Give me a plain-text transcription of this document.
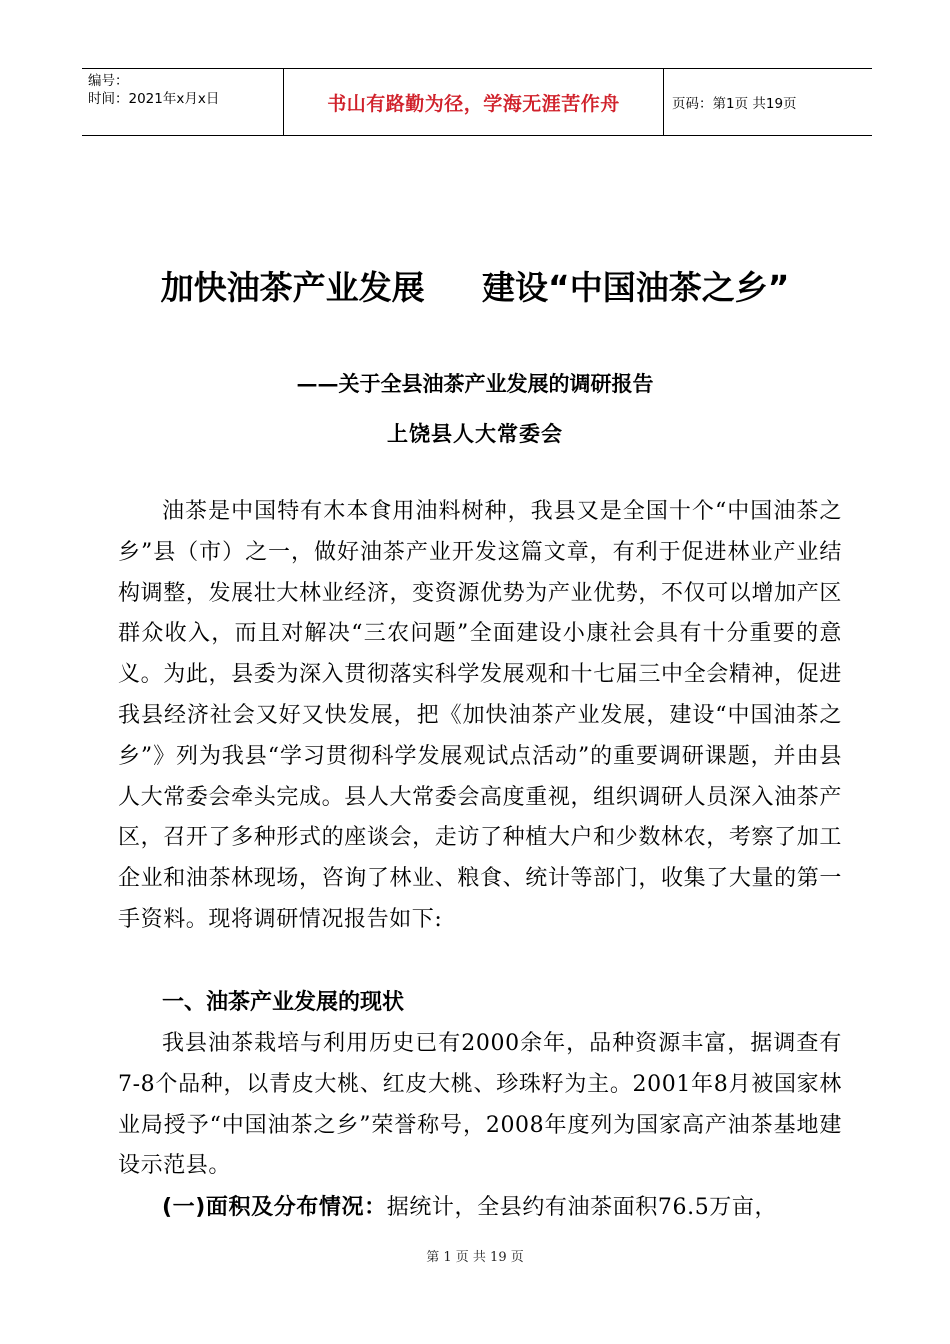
编号：
时间：2021年x月x日	书山有路勤为径，学海无涯苦作舟	页码：第1页 共19页
加快油茶产业发展     建设“中国油茶之乡”
——关于全县油茶产业发展的调研报告
上饶县人大常委会

油茶是中国特有木本食用油料树种，我县又是全国十个“中国油茶之乡”县（市）之一，做好油茶产业开发这篇文章，有利于促进林业产业结构调整，发展壮大林业经济，变资源优势为产业优势，不仅可以增加产区群众收入，而且对解决“三农问题”全面建设小康社会具有十分重要的意义。为此，县委为深入贯彻落实科学发展观和十七届三中全会精神，促进我县经济社会又好又快发展，把《加快油茶产业发展，建设“中国油茶之乡”》列为我县“学习贯彻科学发展观试点活动”的重要调研课题，并由县人大常委会牵头完成。县人大常委会高度重视，组织调研人员深入油茶产区，召开了多种形式的座谈会，走访了种植大户和少数林农，考察了加工企业和油茶林现场，咨询了林业、粮食、统计等部门，收集了大量的第一手资料。现将调研情况报告如下:

一、油茶产业发展的现状

我县油茶栽培与利用历史已有2000余年，品种资源丰富，据调查有7-8个品种，以青皮大桃、红皮大桃、珍珠籽为主。2001年8月被国家林业局授予“中国油茶之乡”荣誉称号，2008年度列为国家高产油茶基地建设示范县。

(一)面积及分布情况：据统计，全县约有油茶面积76.5万亩，

第 1 页 共 19 页
